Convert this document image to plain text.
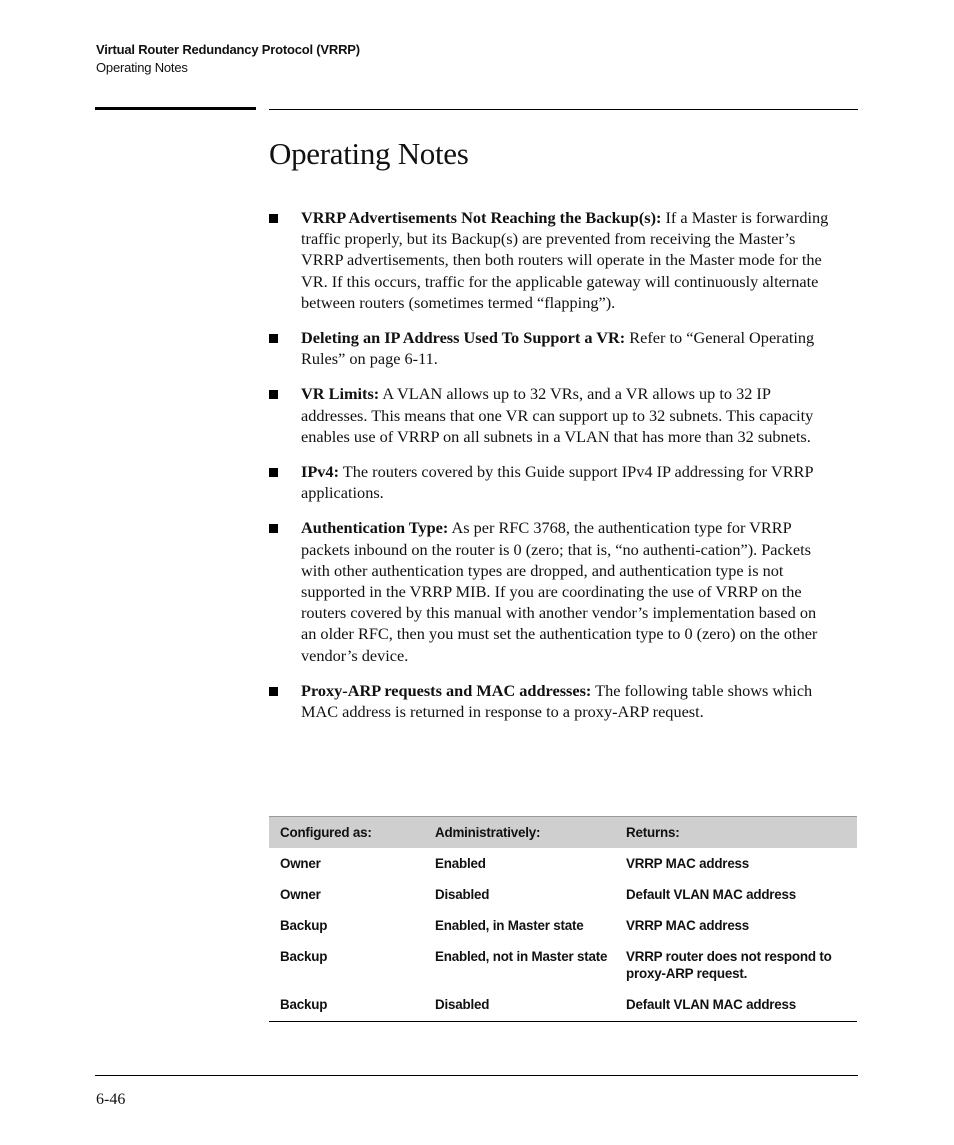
Virtual Router Redundancy Protocol (VRRP)
Operating Notes
Operating Notes
VRRP Advertisements Not Reaching the Backup(s): If a Master is forwarding traffic properly, but its Backup(s) are prevented from receiving the Master’s VRRP advertisements, then both routers will operate in the Master mode for the VR. If this occurs, traffic for the applicable gateway will continuously alternate between routers (sometimes termed “flapping”).
Deleting an IP Address Used To Support a VR: Refer to “General Operating Rules” on page 6-11.
VR Limits: A VLAN allows up to 32 VRs, and a VR allows up to 32 IP addresses. This means that one VR can support up to 32 subnets. This capacity enables use of VRRP on all subnets in a VLAN that has more than 32 subnets.
IPv4: The routers covered by this Guide support IPv4 IP addressing for VRRP applications.
Authentication Type: As per RFC 3768, the authentication type for VRRP packets inbound on the router is 0 (zero; that is, “no authenti-cation”). Packets with other authentication types are dropped, and authentication type is not supported in the VRRP MIB. If you are coordinating the use of VRRP on the routers covered by this manual with another vendor’s implementation based on an older RFC, then you must set the authentication type to 0 (zero) on the other vendor’s device.
Proxy-ARP requests and MAC addresses: The following table shows which MAC address is returned in response to a proxy-ARP request.
Configured as:	Administratively:	Returns:
Owner	Enabled	VRRP MAC address
Owner	Disabled	Default VLAN MAC address
Backup	Enabled, in Master state	VRRP MAC address
Backup	Enabled, not in Master state	VRRP router does not respond to proxy-ARP request.
Backup	Disabled	Default VLAN MAC address
6-46
